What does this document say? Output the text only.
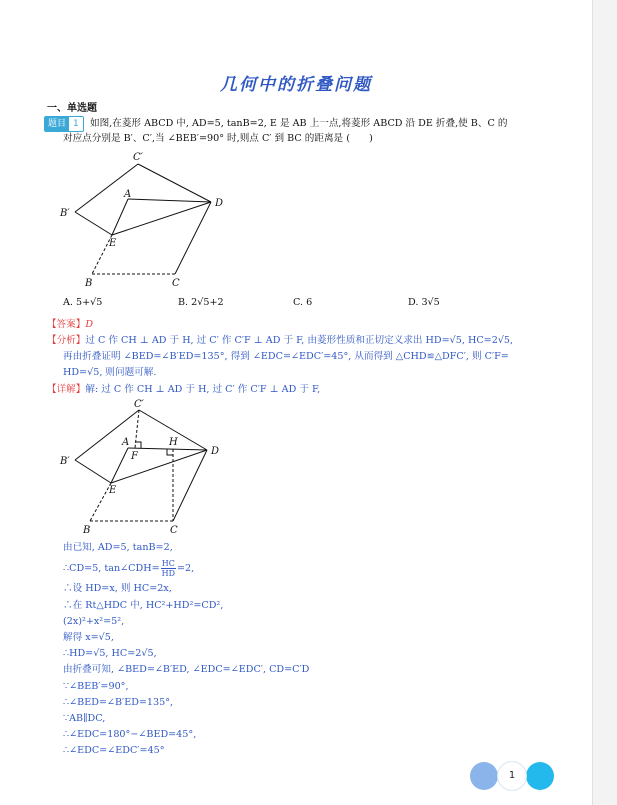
几何中的折叠问题
一、单选题
题目 1	如图,在菱形 ABCD 中, AD=5, tanB=2, E 是 AB 上一点,将菱形 ABCD 沿 DE 折叠,使 B、C 的
对应点分别是 B′、C′,当 ∠BEB′=90° 时,则点 C′ 到 BC 的距离是 (　　)
C′
A
D
B′
E
B	C
A. 5+√5	B. 2√5+2	C. 6	D. 3√5
【答案】D
【分析】过 C 作 CH ⊥ AD 于 H, 过 C′ 作 C′F ⊥ AD 于 F, 由菱形性质和正切定义求出 HD=√5, HC=2√5,
再由折叠证明 ∠BED=∠B′ED=135°, 得到 ∠EDC=∠EDC′=45°, 从而得到 △CHD≌△DFC′, 则 C′F=
HD=√5, 则问题可解.
【详解】解: 过 C 作 CH ⊥ AD 于 H, 过 C′ 作 C′F ⊥ AD 于 F,
C′
A	H
F	D
B′
E
B	C
由已知, AD=5, tanB=2,
∴CD=5, tan∠CDH= $\frac{HC}{HD} =2$,
∴设 HD=x, 则 HC=2x,
∴在 Rt△HDC 中, HC²+HD²=CD²,
(2x)²+x²=5²,
解得 x=√5,
∴HD=√5, HC=2√5,
由折叠可知, ∠BED=∠B′ED, ∠EDC=∠EDC′, CD=C′D
∵∠BEB′=90°,
∴∠BED=∠B′ED=135°,
∵AB∥DC,
∴∠EDC=180°−∠BED=45°,
∴∠EDC=∠EDC′=45°
1
